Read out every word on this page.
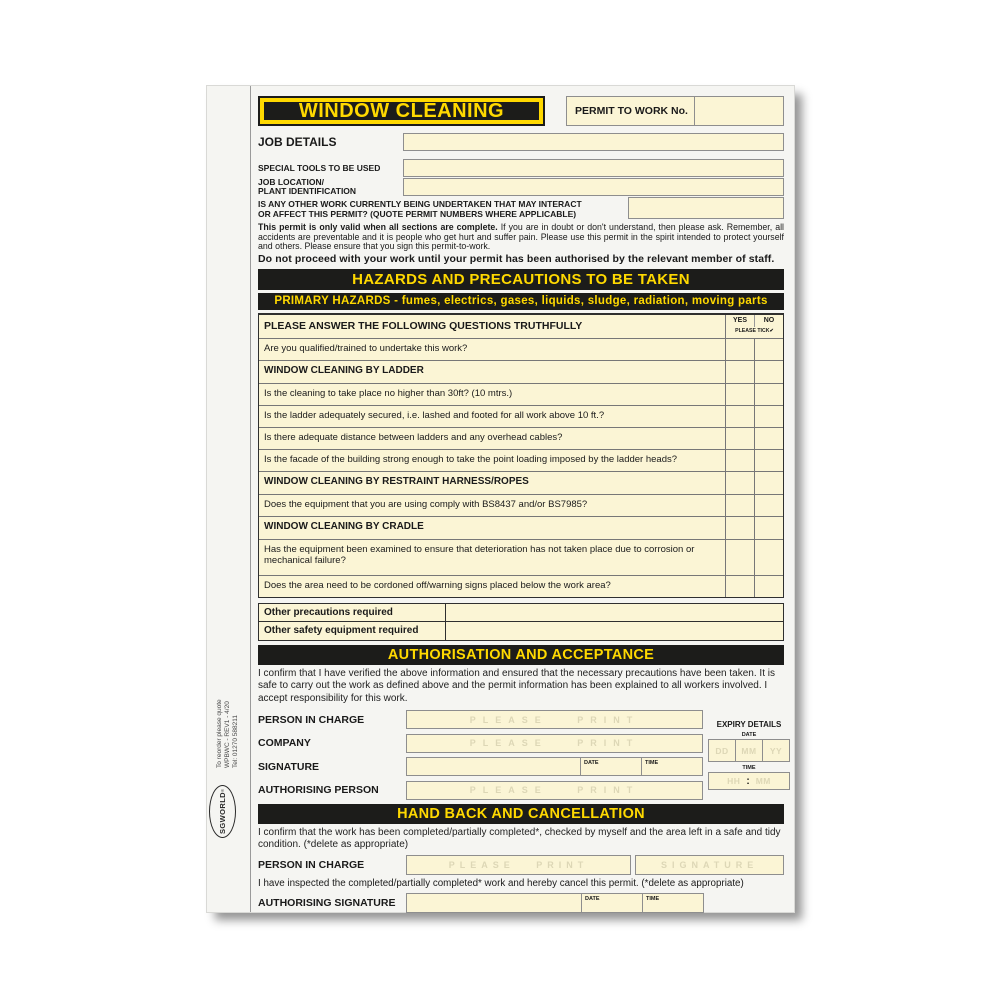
To reorder please quote WPBWC - REV1 - 4/20 Tel: 01270 588211
SGWORLD
®
WINDOW CLEANING	PERMIT TO WORK No.
JOB DETAILS
SPECIAL TOOLS TO BE USED
JOB LOCATION/
PLANT IDENTIFICATION
IS ANY OTHER WORK CURRENTLY BEING UNDERTAKEN THAT MAY INTERACT
OR AFFECT THIS PERMIT? (QUOTE PERMIT NUMBERS WHERE APPLICABLE)
This permit is only valid when all sections are complete. If you are in doubt or don't understand, then please ask. Remember, all accidents are preventable and it is people who get hurt and suffer pain. Please use this permit in the spirit intended to protect yourself and others. Please ensure that you sign this permit-to-work.
Do not proceed with your work until your permit has been authorised by the relevant member of staff.
HAZARDS AND PRECAUTIONS TO BE TAKEN
PRIMARY HAZARDS - fumes, electrics, gases, liquids, sludge, radiation, moving parts
PLEASE ANSWER THE FOLLOWING QUESTIONS TRUTHFULLY	YES	NO
PLEASE TICK✔
Are you qualified/trained to undertake this work?
WINDOW CLEANING BY LADDER
Is the cleaning to take place no higher than 30ft? (10 mtrs.)
Is the ladder adequately secured, i.e. lashed and footed for all work above 10 ft.?
Is there adequate distance between ladders and any overhead cables?
Is the facade of the building strong enough to take the point loading imposed by the ladder heads?
WINDOW CLEANING BY RESTRAINT HARNESS/ROPES
Does the equipment that you are using comply with BS8437 and/or BS7985?
WINDOW CLEANING BY CRADLE
Has the equipment been examined to ensure that deterioration has not taken place due to corrosion or mechanical failure?
Does the area need to be cordoned off/warning signs placed below the work area?
Other precautions required
Other safety equipment required
AUTHORISATION AND ACCEPTANCE
I confirm that I have verified the above information and ensured that the necessary precautions have been taken. It is safe to carry out the work as defined above and the permit information has been explained to all workers involved. I accept responsibility for this work.
PERSON IN CHARGE	PLEASE PRINT
COMPANY	PLEASE PRINT
SIGNATURE	DATE	TIME
AUTHORISING PERSON	PLEASE PRINT
EXPIRY DETAILS
DATE
DD MM YY
TIME
HH : MM
HAND BACK AND CANCELLATION
I confirm that the work has been completed/partially completed*, checked by myself and the area left in a safe and tidy condition. (*delete as appropriate)
PERSON IN CHARGE	PLEASE PRINT	SIGNATURE
I have inspected the completed/partially completed* work and hereby cancel this permit. (*delete as appropriate)
AUTHORISING SIGNATURE	DATE	TIME
